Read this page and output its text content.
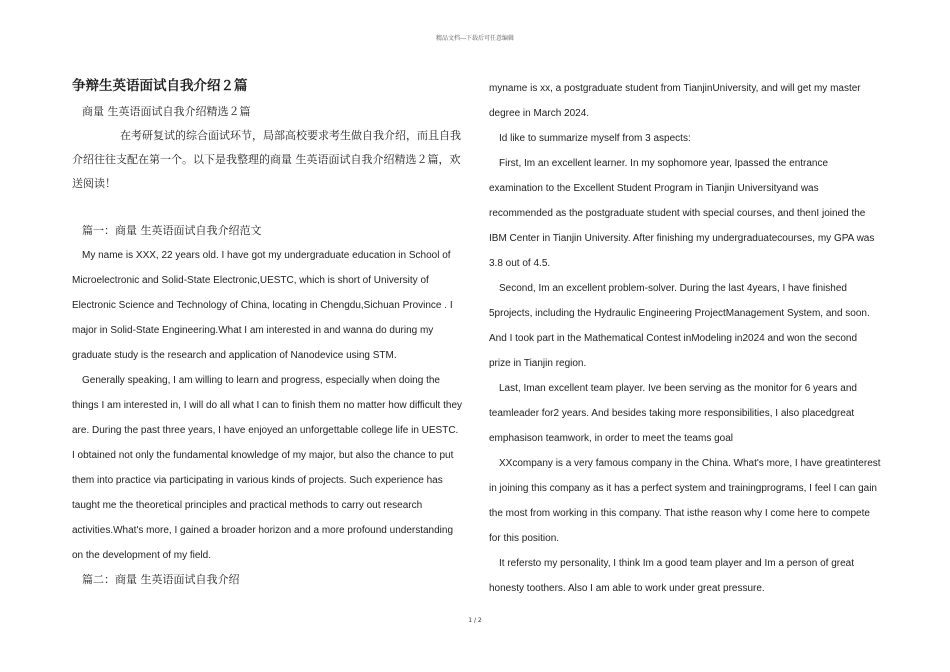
精品文档---下载后可任意编辑

争辩生英语面试自我介绍２篇

商量 生英语面试自我介绍精选２篇

在考研复试的综合面试环节，局部高校要求考生做自我介绍，而且自我介绍往往支配在第一个。以下是我整理的商量 生英语面试自我介绍精选２篇，欢送阅读！

篇一：商量 生英语面试自我介绍范文

My name is XXX, 22 years old. I have got my undergraduate education in School of Microelectronic and Solid-State Electronic,UESTC, which is short of University of Electronic Science and Technology of China, locating in Chengdu,Sichuan Province . I major in Solid-State Engineering.What I am interested in and wanna do during my graduate study is the research and application of Nanodevice using STM.

Generally speaking, I am willing to learn and progress, especially when doing the things I am interested in, I will do all what I can to finish them no matter how difficult they are. During the past three years, I have enjoyed an unforgettable college life in UESTC. I obtained not only the fundamental knowledge of my major, but also the chance to put them into practice via participating in various kinds of projects. Such experience has taught me the theoretical principles and practical methods to carry out research activities.What's more, I gained a broader horizon and a more profound understanding on the development of my field.

篇二：商量 生英语面试自我介绍

myname is xx, a postgraduate student from TianjinUniversity, and will get my master degree in March 2024.

Id like to summarize myself from 3 aspects:

First, Im an excellent learner. In my sophomore year, Ipassed the entrance examination to the Excellent Student Program in Tianjin Universityand was recommended as the postgraduate student with special courses, and thenI joined the IBM Center in Tianjin University. After finishing my undergraduatecourses, my GPA was 3.8 out of 4.5.

Second, Im an excellent problem-solver. During the last 4years, I have finished 5projects, including the Hydraulic Engineering ProjectManagement System, and soon. And I took part in the Mathematical Contest inModeling in2024 and won the second prize in Tianjin region.

Last, Iman excellent team player. Ive been serving as the monitor for 6 years and teamleader for2 years. And besides taking more responsibilities, I also placedgreat emphasison teamwork, in order to meet the teams goal

XXcompany is a very famous company in the China. What's more, I have greatinterest in joining this company as it has a perfect system and trainingprograms, I feel I can gain the most from working in this company. That isthe reason why I come here to compete for this position.

It refersto my personality, I think Im a good team player and Im a person of great honesty toothers. Also I am able to work under great pressure.

1 / 2
